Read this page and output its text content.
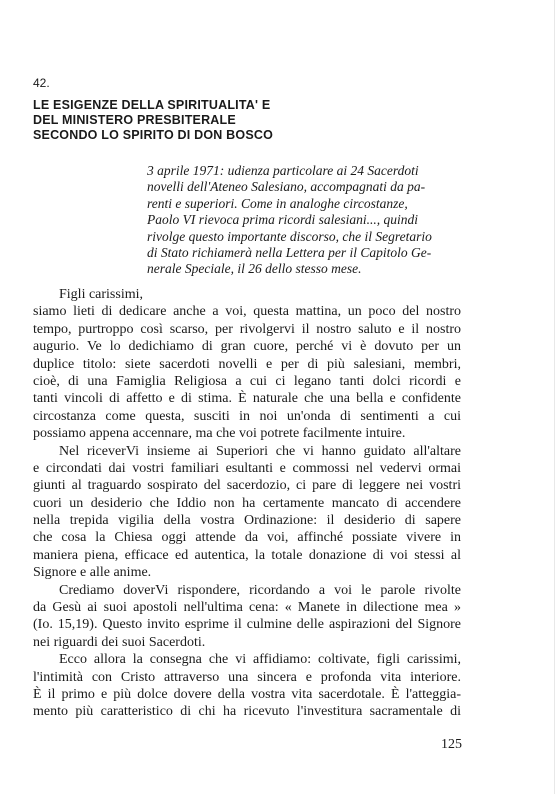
42.
LE ESIGENZE DELLA SPIRITUALITA' E
DEL MINISTERO PRESBITERALE
SECONDO LO SPIRITO DI DON BOSCO
3 aprile 1971: udienza particolare ai 24 Sacerdoti
novelli dell'Ateneo Salesiano, accompagnati da pa-
renti e superiori. Come in analoghe circostanze,
Paolo VI rievoca prima ricordi salesiani..., quindi
rivolge questo importante discorso, che il Segretario
di Stato richiamerà nella Lettera per il Capitolo Ge-
nerale Speciale, il 26 dello stesso mese.
Figli carissimi,
siamo lieti di dedicare anche a voi, questa mattina, un poco del nostro
tempo, purtroppo così scarso, per rivolgervi il nostro saluto e il nostro
augurio. Ve lo dedichiamo di gran cuore, perché vi è dovuto per un
duplice titolo: siete sacerdoti novelli e per di più salesiani, membri,
cioè, di una Famiglia Religiosa a cui ci legano tanti dolci ricordi e
tanti vincoli di affetto e di stima. È naturale che una bella e confidente
circostanza come questa, susciti in noi un'onda di sentimenti a cui
possiamo appena accennare, ma che voi potrete facilmente intuire.
Nel riceverVi insieme ai Superiori che vi hanno guidato all'altare
e circondati dai vostri familiari esultanti e commossi nel vedervi ormai
giunti al traguardo sospirato del sacerdozio, ci pare di leggere nei vostri
cuori un desiderio che Iddio non ha certamente mancato di accendere
nella trepida vigilia della vostra Ordinazione: il desiderio di sapere
che cosa la Chiesa oggi attende da voi, affinché possiate vivere in
maniera piena, efficace ed autentica, la totale donazione di voi stessi al
Signore e alle anime.
Crediamo doverVi rispondere, ricordando a voi le parole rivolte
da Gesù ai suoi apostoli nell'ultima cena: « Manete in dilectione mea »
(Io. 15,19). Questo invito esprime il culmine delle aspirazioni del Signore
nei riguardi dei suoi Sacerdoti.
Ecco allora la consegna che vi affidiamo: coltivate, figli carissimi,
l'intimità con Cristo attraverso una sincera e profonda vita interiore.
È il primo e più dolce dovere della vostra vita sacerdotale. È l'atteggia-
mento più caratteristico di chi ha ricevuto l'investitura sacramentale di
125
